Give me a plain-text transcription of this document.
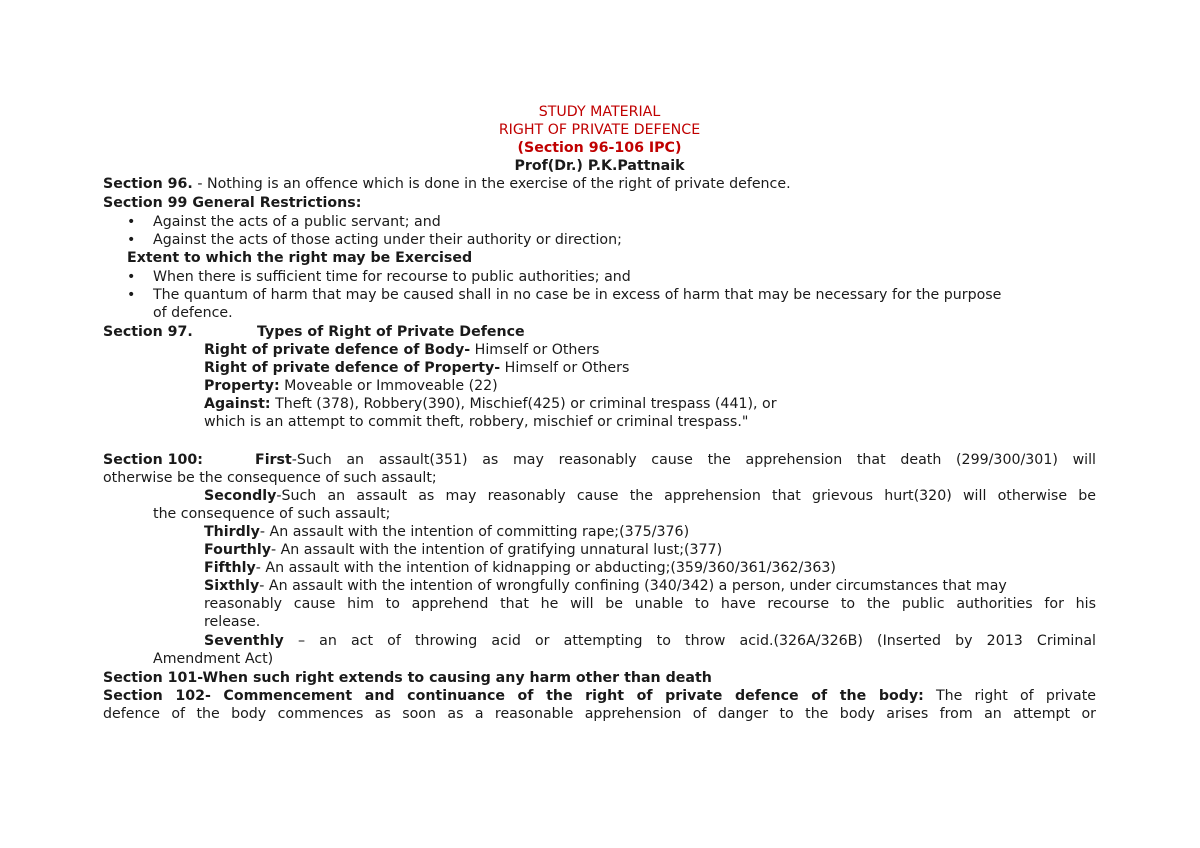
STUDY MATERIAL
RIGHT OF PRIVATE DEFENCE
(Section 96-106 IPC)
Prof(Dr.) P.K.Pattnaik
Section 96. - Nothing is an offence which is done in the exercise of the right of private defence.
Section 99 General Restrictions:
• Against the acts of a public servant; and
• Against the acts of those acting under their authority or direction;
Extent to which the right may be Exercised
• When there is sufficient time for recourse to public authorities; and
• The quantum of harm that may be caused shall in no case be in excess of harm that may be necessary for the purpose
of defence.
Section 97.	Types of Right of Private Defence
Right of private defence of Body- Himself or Others
Right of private defence of Property- Himself or Others
Property: Moveable or Immoveable (22)
Against: Theft (378), Robbery(390), Mischief(425) or criminal trespass (441), or
which is an attempt to commit theft, robbery, mischief or criminal trespass."
Section 100:	First-Such an assault(351) as may reasonably cause the apprehension that death (299/300/301) will
otherwise be the consequence of such assault;
Secondly-Such an assault as may reasonably cause the apprehension that grievous hurt(320) will otherwise be
the consequence of such assault;
Thirdly- An assault with the intention of committing rape;(375/376)
Fourthly- An assault with the intention of gratifying unnatural lust;(377)
Fifthly- An assault with the intention of kidnapping or abducting;(359/360/361/362/363)
Sixthly- An assault with the intention of wrongfully confining (340/342) a person, under circumstances that may
reasonably cause him to apprehend that he will be unable to have recourse to the public authorities for his
release.
Seventhly – an act of throwing acid or attempting to throw acid.(326A/326B) (Inserted by 2013 Criminal
Amendment Act)
Section 101-When such right extends to causing any harm other than death
Section 102- Commencement and continuance of the right of private defence of the body: The right of private
defence of the body commences as soon as a reasonable apprehension of danger to the body arises from an attempt or
